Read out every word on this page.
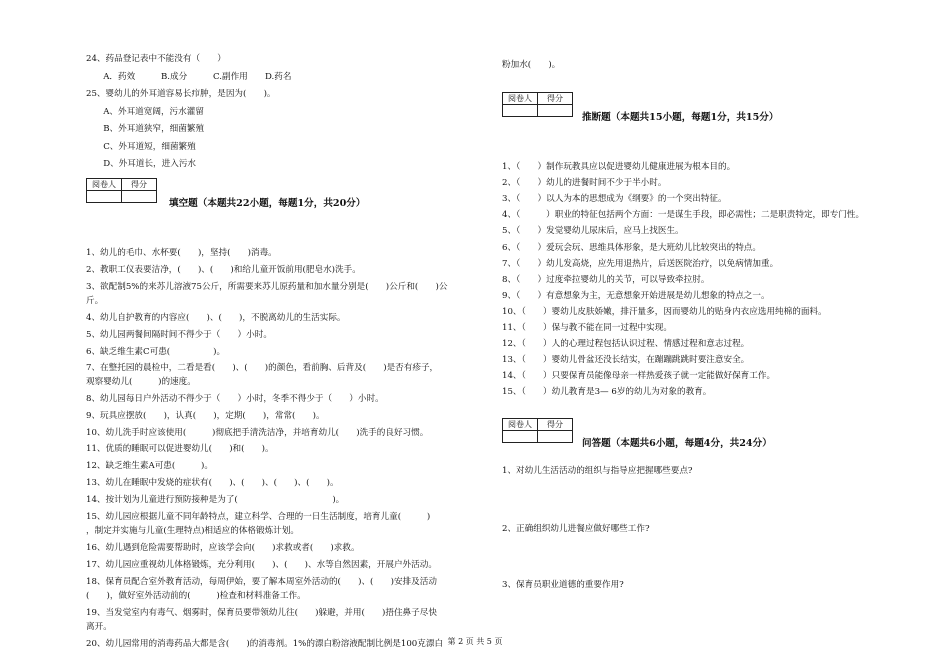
24、药品登记表中不能没有（　　）
　　A．药效　　　B.成分　　　C.副作用　　D.药名
25、婴幼儿的外耳道容易长疖肿，是因为(　　)。
　　A、外耳道宽阔，污水灌留
　　B、外耳道狭窄，细菌繁殖
　　C、外耳道短，细菌繁殖
　　D、外耳道长，进入污水
阅卷人	得分

填空题（本题共22小题，每题1分，共20分）
1、幼儿的毛巾、水杯要(　　)，坚持(　　)消毒。
2、教职工仪表要洁净，(　　)、(　　)和给儿童开饭前用(肥皂水)洗手。
3、欲配制5%的来苏儿溶液75公斤，所需要来苏儿原药量和加水量分别是(　　)公斤和(　　)公
斤。
4、幼儿自护教育的内容应(　　)、(　　)，不脱离幼儿的生活实际。
5、幼儿园两餐间隔时间不得少于（　　）小时。
6、缺乏维生素C可患(　　　　　)。
7、在整托园的晨检中，二看是看(　　)、(　　)的颜色，看前胸、后背及(　　)是否有疹子，
观察婴幼儿(　　　)的速度。
8、幼儿园每日户外活动不得少于（　　）小时，冬季不得少于（　　）小时。
9、玩具应摆放(　　)，认真(　　)，定期(　　)，常常(　　)。
10、幼儿洗手时应该使用(　　　)彻底把手清洗洁净，并培育幼儿(　　)洗手的良好习惯。
11、优质的睡眠可以促进婴幼儿(　　)和(　　)。
12、缺乏维生素A可患(　　　)。
13、幼儿在睡眠中发烧的症状有(　　)、(　　)、(　　)、(　　)。
14、按计划为儿童进行预防接种是为了(　　　　　　　　　　　)。
15、幼儿园应根据儿童不同年龄特点，建立科学、合理的一日生活制度，培育儿童(　　　)
，制定并实施与儿童(生理特点)相适应的体格锻炼计划。
16、幼儿遇到危险需要帮助时，应该学会向(　　)求救或者(　　)求救。
17、幼儿园应重视幼儿体格锻炼，充分利用(　　)、(　　)、水等自然因素，开展户外活动。
18、保育员配合室外教育活动，每周伊始，要了解本周室外活动的(　　)、(　　)安排及活动
(　　)，做好室外活动前的(　　　)检查和材料准备工作。
19、当发觉室内有毒气、烟雾时，保育员要带领幼儿往(　　)躲避，并用(　　)捂住鼻子尽快
离开。
20、幼儿园常用的消毒药品大都是含(　　)的消毒剂。1%的漂白粉溶液配制比例是100克漂白
粉加水(　　)。
阅卷人	得分

推断题（本题共15小题，每题1分，共15分）
1、（　　）制作玩教具应以促进婴幼儿健康进展为根本目的。
2、（　　）幼儿的进餐时间不少于半小时。
3、（　　）以人为本的思想成为《纲要》的一个突出特征。
4、（　　　）职业的特征包括两个方面：一是谋生手段，即必需性；二是职责特定，即专门性。
5、（　　）发觉婴幼儿尿床后，应马上找医生。
6、（　　）爱玩会玩、思维具体形象，是大班幼儿比较突出的特点。
7、（　　）幼儿发高烧，应先用退热片，后送医院治疗，以免病情加重。
8、（　　）过度牵拉婴幼儿的关节，可以导致牵拉肘。
9、（　　）有意想象为主，无意想象开始进展是幼儿想象的特点之一。
10、（　　）婴幼儿皮肤娇嫩，排汗量多，因而婴幼儿的贴身内衣应选用纯棉的面料。
11、（　　）保与教不能在同一过程中实现。
12、（　　）人的心理过程包括认识过程、情感过程和意志过程。
13、（　　）婴幼儿骨盆还没长结实，在蹦蹦跳跳时要注意安全。
14、（　　）只要保育员能像母亲一样热爱孩子就一定能做好保育工作。
15、（　　）幼儿教育是3— 6岁的幼儿为对象的教育。
阅卷人	得分

问答题（本题共6小题，每题4分，共24分）
1、对幼儿生活活动的组织与指导应把握哪些要点?
2、正确组织幼儿进餐应做好哪些工作?
3、保育员职业道德的重要作用?
第 2 页 共 5 页
